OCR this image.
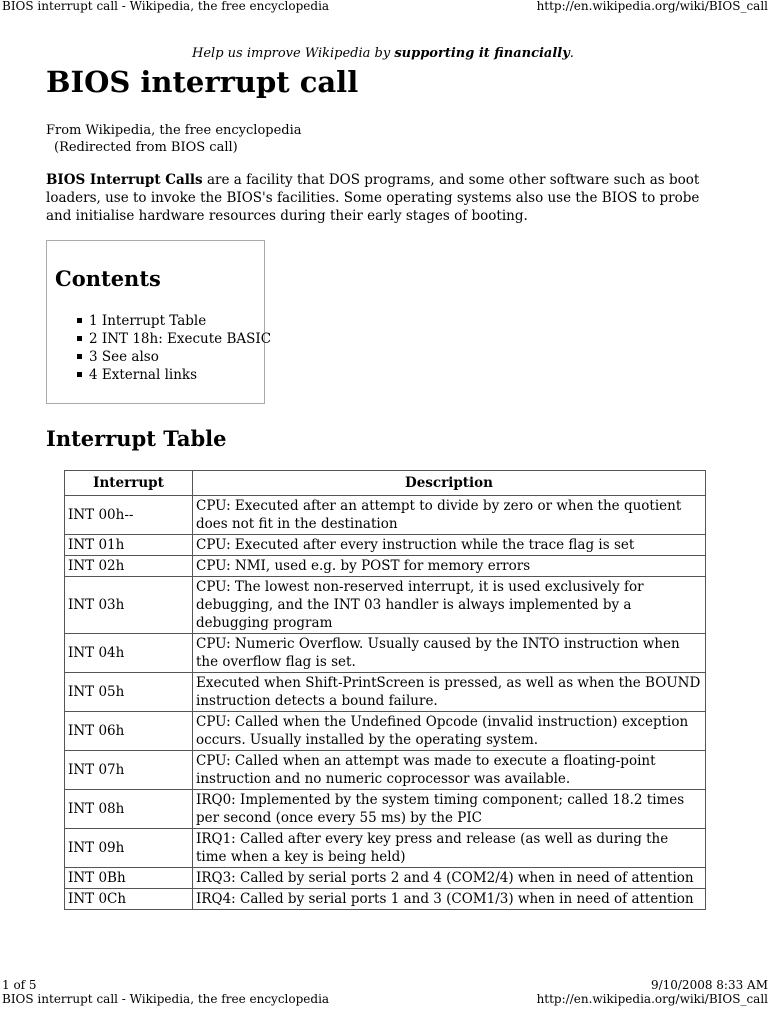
BIOS interrupt call - Wikipedia, the free encyclopedia	http://en.wikipedia.org/wiki/BIOS_call
Help us improve Wikipedia by supporting it financially.
BIOS interrupt call
From Wikipedia, the free encyclopedia
(Redirected from BIOS call)
BIOS Interrupt Calls are a facility that DOS programs, and some other software such as boot loaders, use to invoke the BIOS's facilities. Some operating systems also use the BIOS to probe and initialise hardware resources during their early stages of booting.
Contents
1 Interrupt Table
2 INT 18h: Execute BASIC
3 See also
4 External links
Interrupt Table
Interrupt	Description
INT 00h--	CPU: Executed after an attempt to divide by zero or when the quotient does not fit in the destination
INT 01h	CPU: Executed after every instruction while the trace flag is set
INT 02h	CPU: NMI, used e.g. by POST for memory errors
INT 03h	CPU: The lowest non-reserved interrupt, it is used exclusively for debugging, and the INT 03 handler is always implemented by a debugging program
INT 04h	CPU: Numeric Overflow. Usually caused by the INTO instruction when the overflow flag is set.
INT 05h	Executed when Shift-PrintScreen is pressed, as well as when the BOUND instruction detects a bound failure.
INT 06h	CPU: Called when the Undefined Opcode (invalid instruction) exception occurs. Usually installed by the operating system.
INT 07h	CPU: Called when an attempt was made to execute a floating-point instruction and no numeric coprocessor was available.
INT 08h	IRQ0: Implemented by the system timing component; called 18.2 times per second (once every 55 ms) by the PIC
INT 09h	IRQ1: Called after every key press and release (as well as during the time when a key is being held)
INT 0Bh	IRQ3: Called by serial ports 2 and 4 (COM2/4) when in need of attention
INT 0Ch	IRQ4: Called by serial ports 1 and 3 (COM1/3) when in need of attention
1 of 5	9/10/2008 8:33 AM
BIOS interrupt call - Wikipedia, the free encyclopedia	http://en.wikipedia.org/wiki/BIOS_call
